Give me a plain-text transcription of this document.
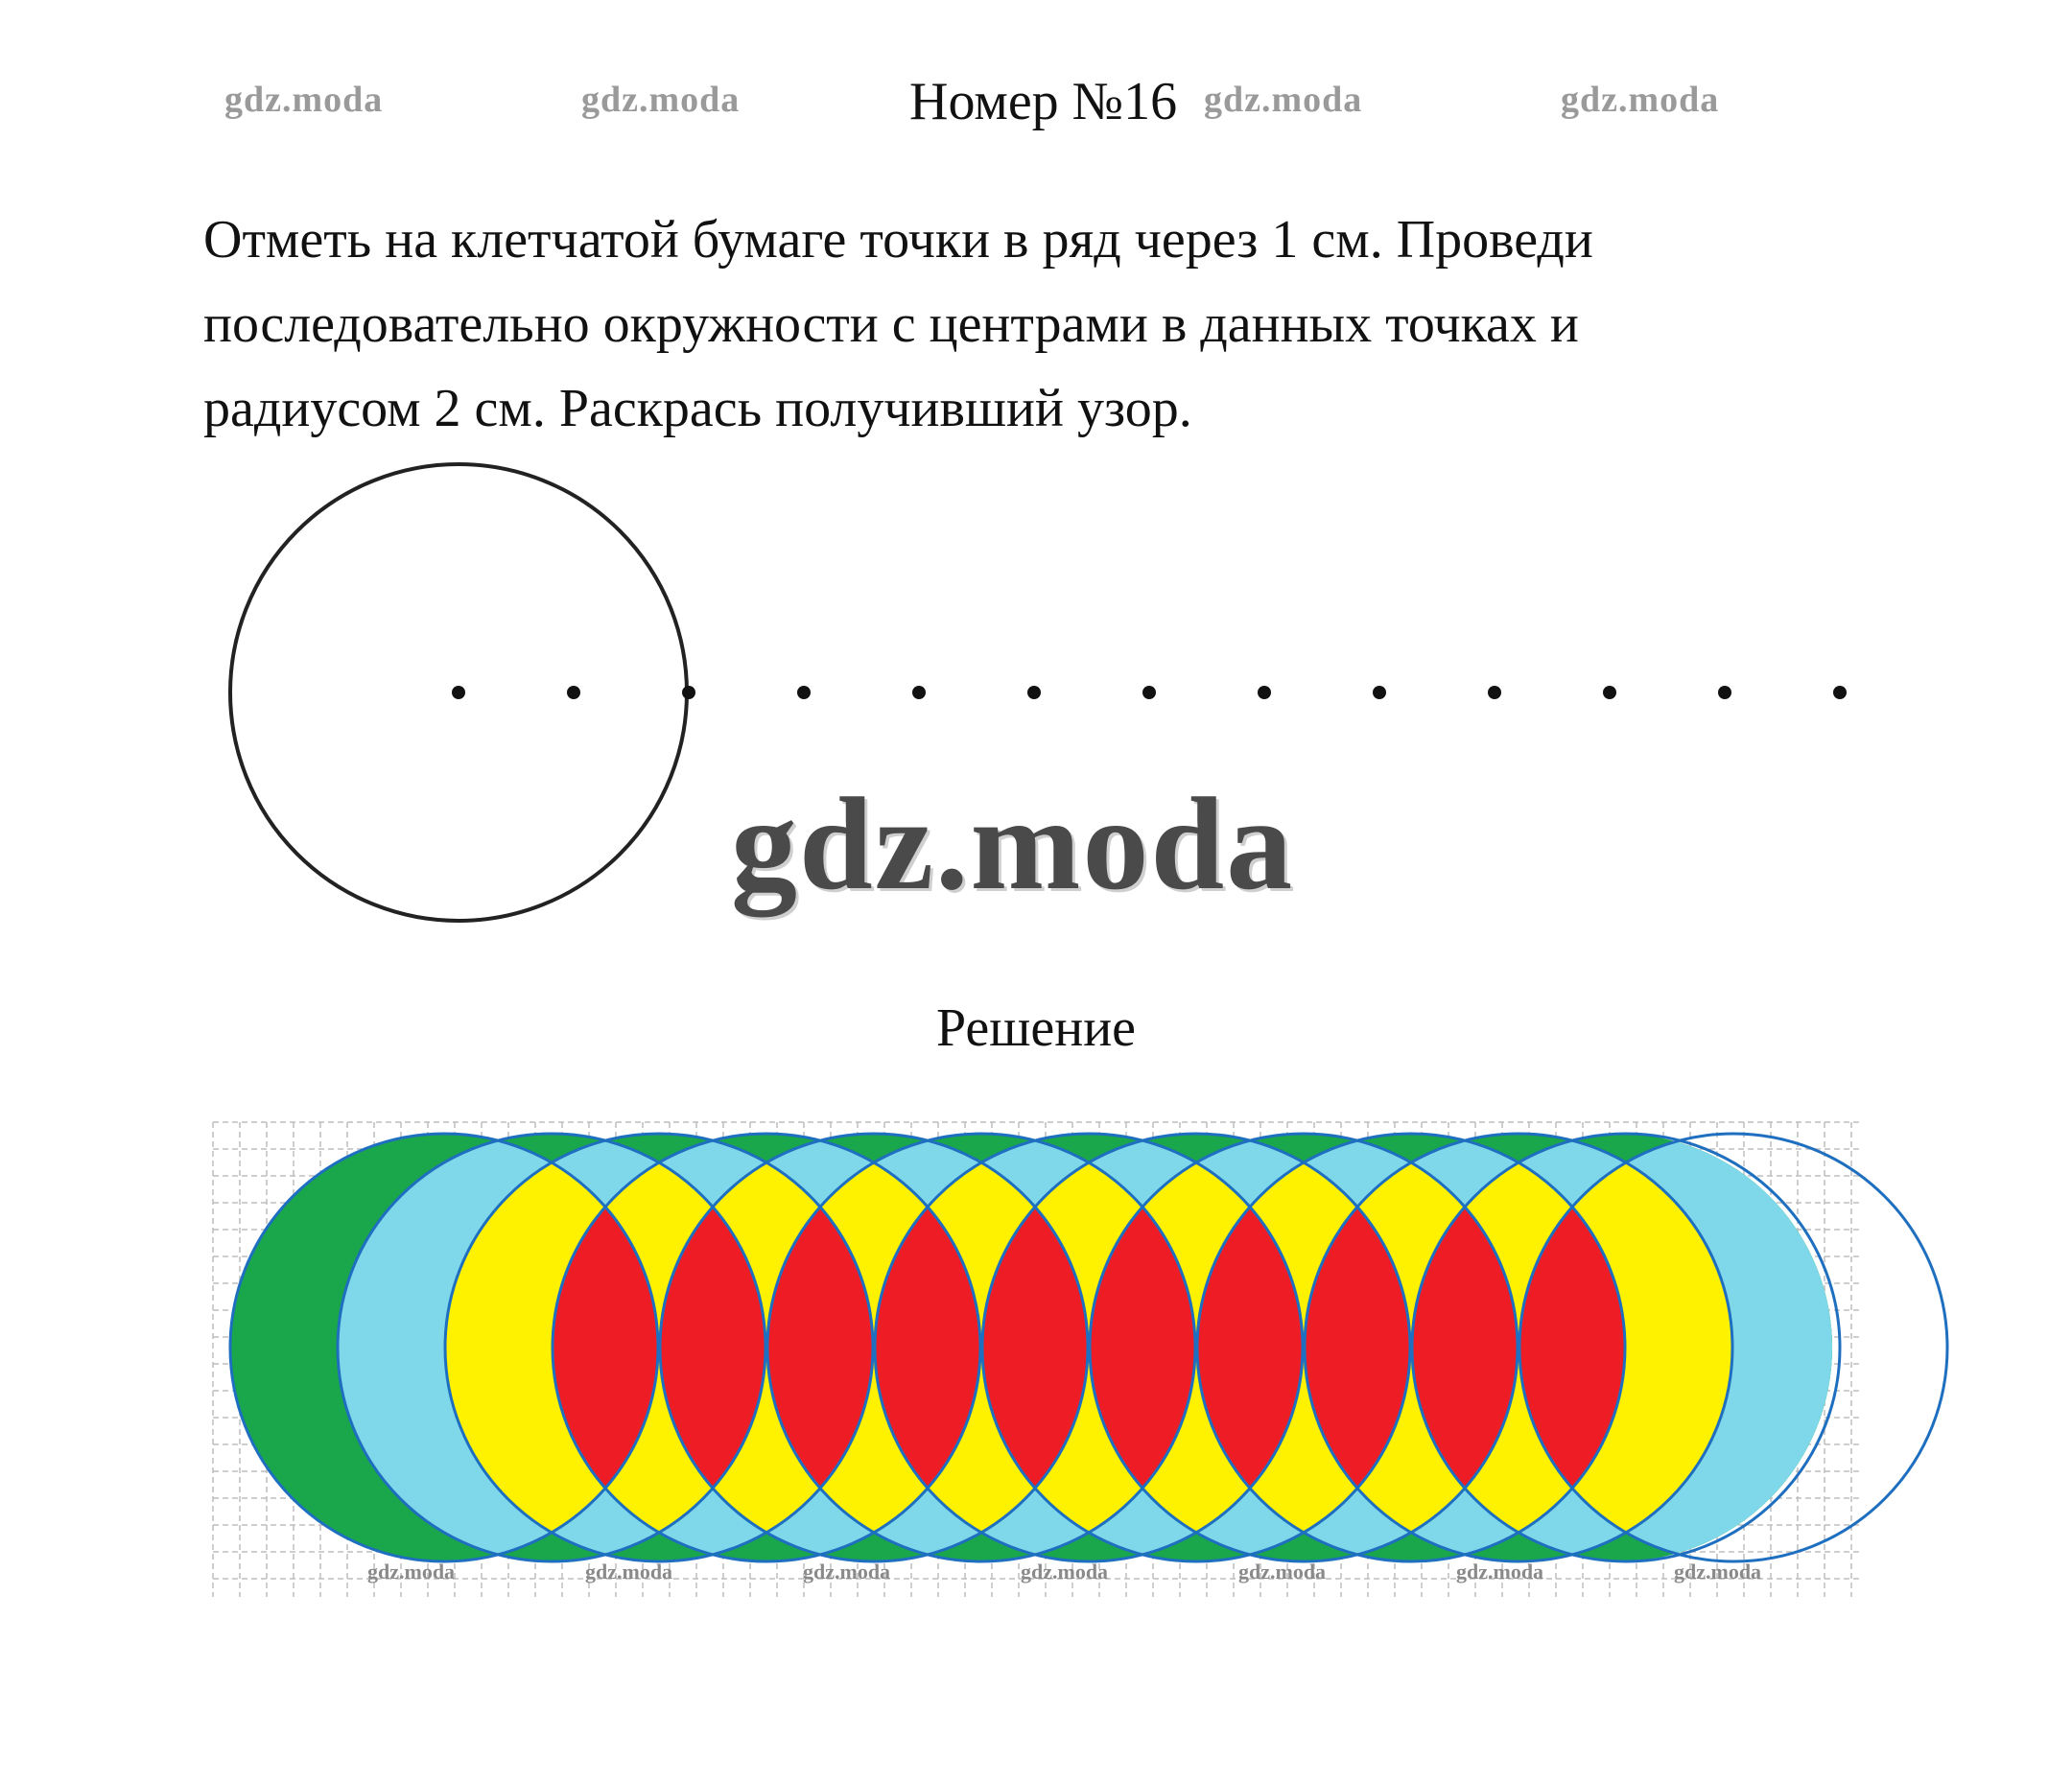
gdz.moda	gdz.moda	Номер №16 gdz.moda	gdz.moda
Отметь на клетчатой бумаге точки в ряд через 1 см. Проведи
последовательно окружности с центрами в данных точках и
радиусом 2 см. Раскрась получивший узор.
gdz.moda
Решение
gdz.moda	gdz.moda	gdz.moda	gdz.moda	gdz.moda	gdz.moda	gdz.moda
